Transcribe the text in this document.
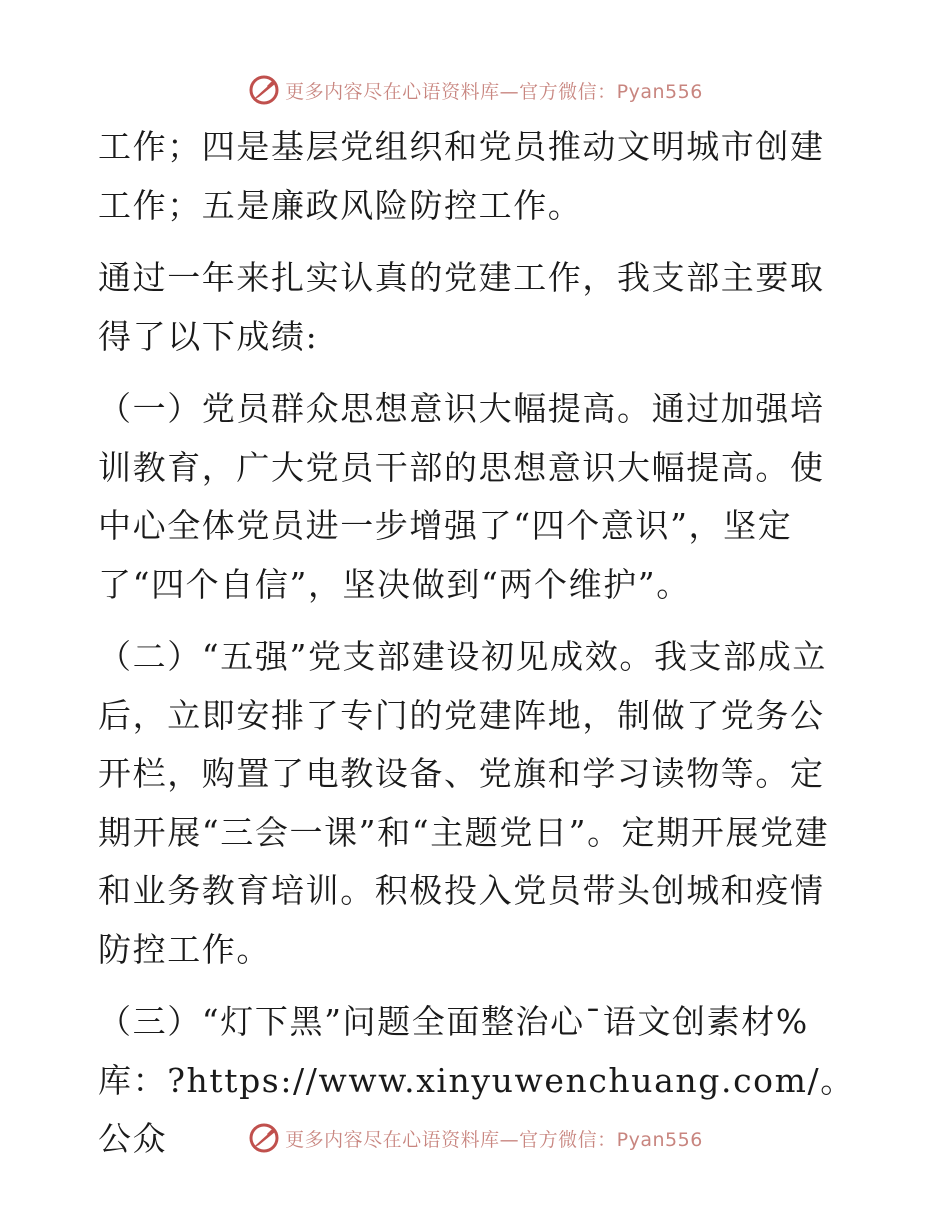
更多内容尽在心语资料库—官方微信：Pyan556

工作；四是基层党组织和党员推动文明城市创建工作；五是廉政风险防控工作。

通过一年来扎实认真的党建工作，我支部主要取得了以下成绩:

（一）党员群众思想意识大幅提高。通过加强培训教育，广大党员干部的思想意识大幅提高。使中心全体党员进一步增强了“四个意识”，坚定了“四个自信”，坚决做到“两个维护”。

（二）“五强”党支部建设初见成效。我支部成立后，立即安排了专门的党建阵地，制做了党务公开栏，购置了电教设备、党旗和学习读物等。定期开展“三会一课”和“主题党日”。定期开展党建和业务教育培训。积极投入党员带头创城和疫情防控工作。

（三）“灯下黑”问题全面整治心¯语文创素材%库：?https://www.xinyuwenchuang.com/。公众	更多内容尽在心语资料库—官方微信：Pyan556
